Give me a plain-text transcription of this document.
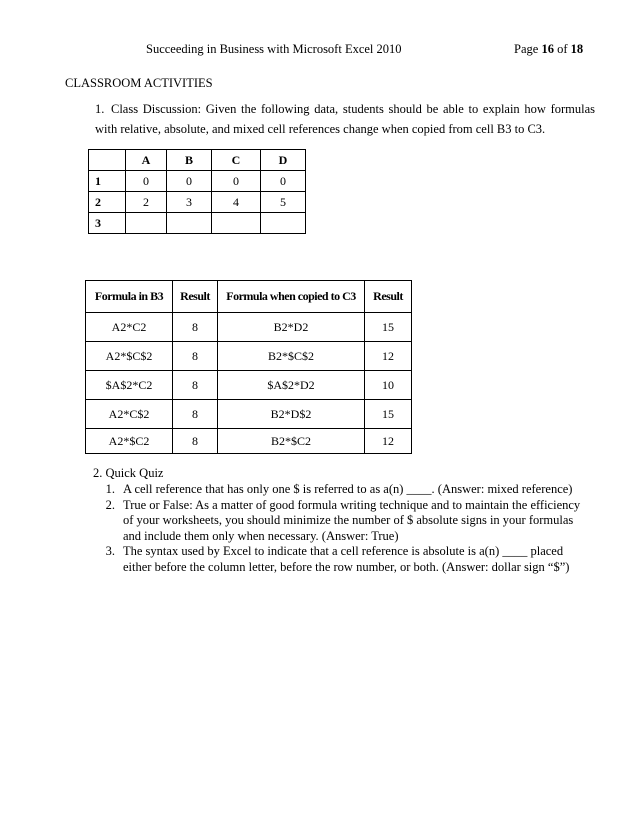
Succeeding in Business with Microsoft Excel 2010	Page 16 of 18
CLASSROOM ACTIVITIES
1. Class Discussion: Given the following data, students should be able to explain how formulas with relative, absolute, and mixed cell references change when copied from cell B3 to C3.
	A	B	C	D
1	0	0	0	0
2	2	3	4	5
3				
Formula in B3	Result	Formula when copied to C3	Result
A2*C2	8	B2*D2	15
A2*$C$2	8	B2*$C$2	12
$A$2*C2	8	$A$2*D2	10
A2*C$2	8	B2*D$2	15
A2*$C2	8	B2*$C2	12
2. Quick Quiz
1. A cell reference that has only one $ is referred to as a(n) ____. (Answer: mixed reference)
2. True or False: As a matter of good formula writing technique and to maintain the efficiency of your worksheets, you should minimize the number of $ absolute signs in your formulas and include them only when necessary. (Answer: True)
3. The syntax used by Excel to indicate that a cell reference is absolute is a(n) ____ placed either before the column letter, before the row number, or both. (Answer: dollar sign “$”)
